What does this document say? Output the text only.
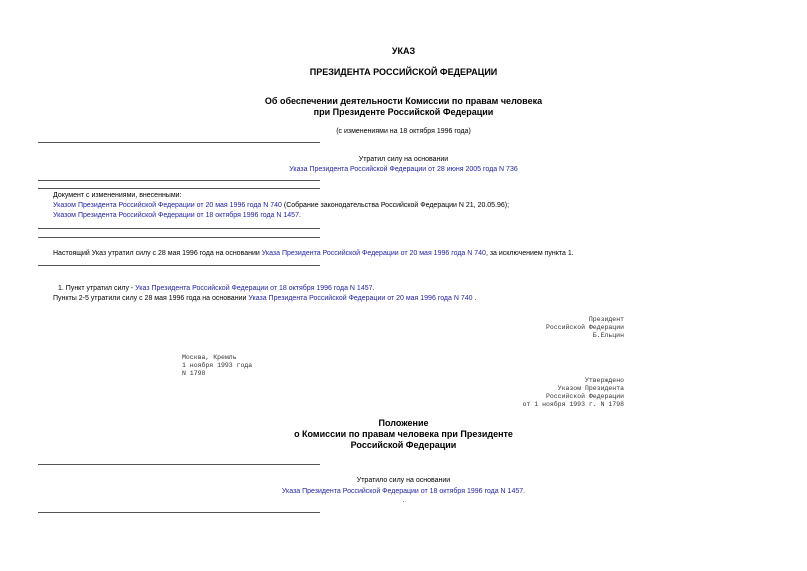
УКАЗ
ПРЕЗИДЕНТА РОССИЙСКОЙ ФЕДЕРАЦИИ
Об обеспечении деятельности Комиссии по правам человека
при Президенте Российской Федерации
(с изменениями на 18 октября 1996 года)
Утратил силу на основании
Указа Президента Российской Федерации от 28 июня 2005 года N 736
Документ с изменениями, внесенными:
Указом Президента Российской Федерации от 20 мая 1996 года N 740 (Собрание законодательства Российской Федерации N 21, 20.05.96);
Указом Президента Российской Федерации от 18 октября 1996 года N 1457.
Настоящий Указ утратил силу с 28 мая 1996 года на основании Указа Президента Российской Федерации от 20 мая 1996 года N 740, за исключением пункта 1.
1. Пункт утратил силу - Указ Президента Российской Федерации от 18 октября 1996 года N 1457.
Пункты 2-5 утратили силу с 28 мая 1996 года на основании Указа Президента Российской Федерации от 20 мая 1996 года N 740 .
Президент
Российской Федерации
Б.Ельцин
Москва, Кремль
1 ноября 1993 года
N 1798
Утверждено
Указом Президента
Российской Федерации
от 1 ноября 1993 г. N 1798
Положение
о Комиссии по правам человека при Президенте
Российской Федерации
Утратило силу на основании
Указа Президента Российской Федерации от 18 октября 1996 года N 1457.
.
